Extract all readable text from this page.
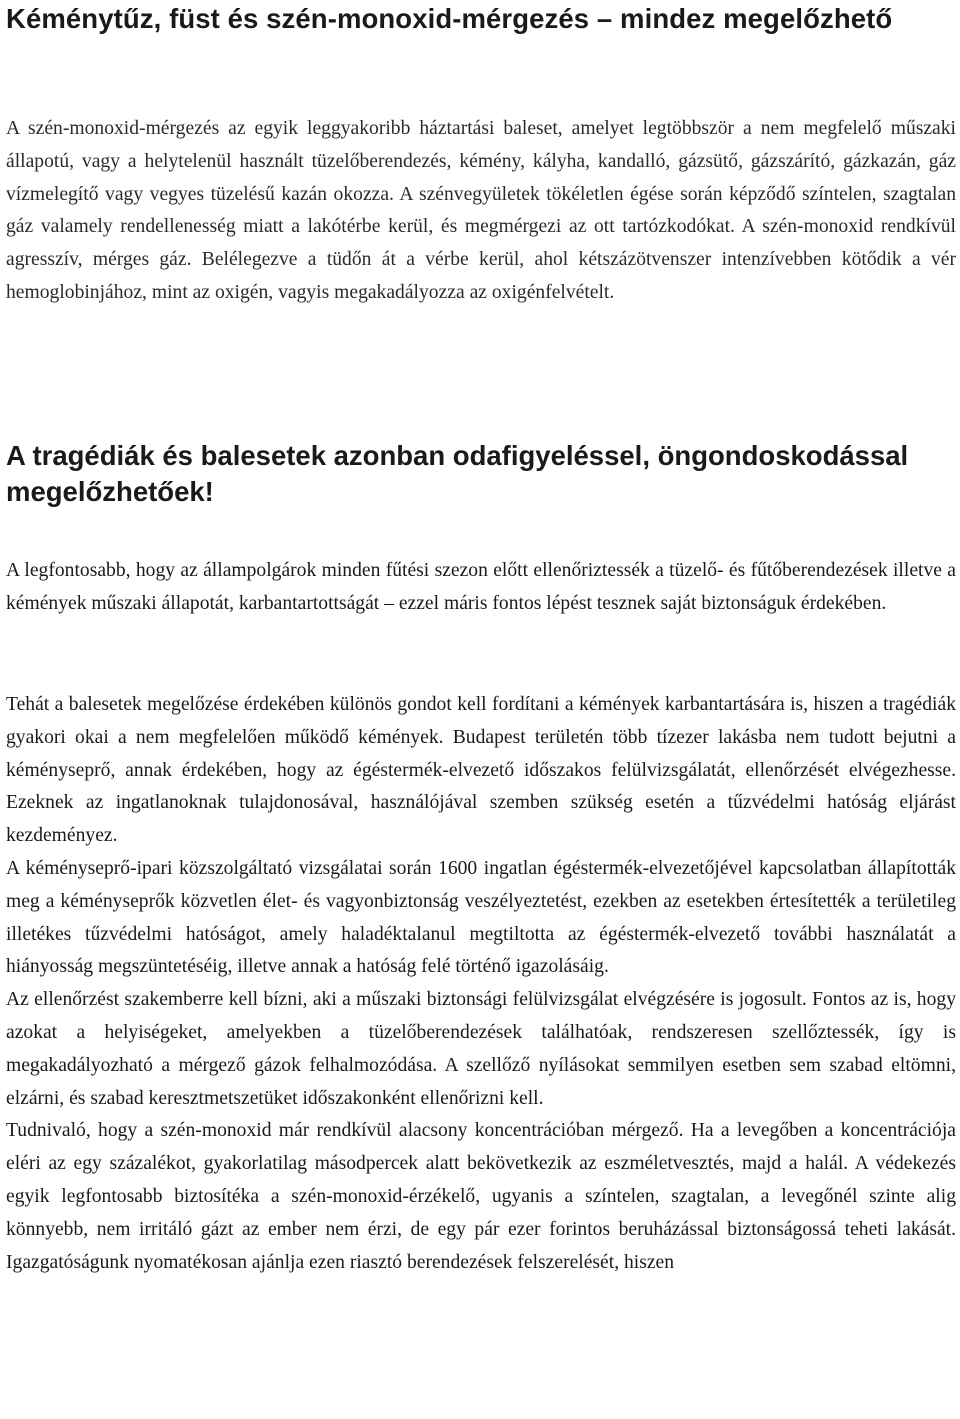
Kéménytűz, füst és szén-monoxid-mérgezés – mindez megelőzhető

A szén-monoxid-mérgezés az egyik leggyakoribb háztartási baleset, amelyet legtöbbször a nem megfelelő műszaki állapotú, vagy a helytelenül használt tüzelőberendezés, kémény, kályha, kandalló, gázsütő, gázszárító, gázkazán, gáz vízmelegítő vagy vegyes tüzelésű kazán okozza. A szénvegyületek tökéletlen égése során képződő színtelen, szagtalan gáz valamely rendellenesség miatt a lakótérbe kerül, és megmérgezi az ott tartózkodókat. A szén-monoxid rendkívül agresszív, mérges gáz. Belélegezve a tüdőn át a vérbe kerül, ahol kétszázötvenszer intenzívebben kötődik a vér hemoglobinjához, mint az oxigén, vagyis megakadályozza az oxigénfelvételt.

A tragédiák és balesetek azonban odafigyeléssel, öngondoskodással megelőzhetőek!

A legfontosabb, hogy az állampolgárok minden fűtési szezon előtt ellenőriztessék a tüzelő- és fűtőberendezések illetve a kémények műszaki állapotát, karbantartottságát – ezzel máris fontos lépést tesznek saját biztonságuk érdekében.

Tehát a balesetek megelőzése érdekében különös gondot kell fordítani a kémények karbantartására is, hiszen a tragédiák gyakori okai a nem megfelelően működő kémények. Budapest területén több tízezer lakásba nem tudott bejutni a kéményseprő, annak érdekében, hogy az égéstermék-elvezető időszakos felülvizsgálatát, ellenőrzését elvégezhesse. Ezeknek az ingatlanoknak tulajdonosával, használójával szemben szükség esetén a tűzvédelmi hatóság eljárást kezdeményez.

A kéményseprő-ipari közszolgáltató vizsgálatai során 1600 ingatlan égéstermék-elvezetőjével kapcsolatban állapították meg a kéményseprők közvetlen élet- és vagyonbiztonság veszélyeztetést, ezekben az esetekben értesítették a területileg illetékes tűzvédelmi hatóságot, amely haladéktalanul megtiltotta az égéstermék-elvezető további használatát a hiányosság megszüntetéséig, illetve annak a hatóság felé történő igazolásáig.

Az ellenőrzést szakemberre kell bízni, aki a műszaki biztonsági felülvizsgálat elvégzésére is jogosult. Fontos az is, hogy azokat a helyiségeket, amelyekben a tüzelőberendezések találhatóak, rendszeresen szellőztessék, így is megakadályozható a mérgező gázok felhalmozódása. A szellőző nyílásokat semmilyen esetben sem szabad eltömni, elzárni, és szabad keresztmetszetüket időszakonként ellenőrizni kell.

Tudnivaló, hogy a szén-monoxid már rendkívül alacsony koncentrációban mérgező. Ha a levegőben a koncentrációja eléri az egy százalékot, gyakorlatilag másodpercek alatt bekövetkezik az eszméletvesztés, majd a halál. A védekezés egyik legfontosabb biztosítéka a szén-monoxid-érzékelő, ugyanis a színtelen, szagtalan, a levegőnél szinte alig könnyebb, nem irritáló gázt az ember nem érzi, de egy pár ezer forintos beruházással biztonságossá teheti lakását. Igazgatóságunk nyomatékosan ajánlja ezen riasztó berendezések felszerelését, hiszen
